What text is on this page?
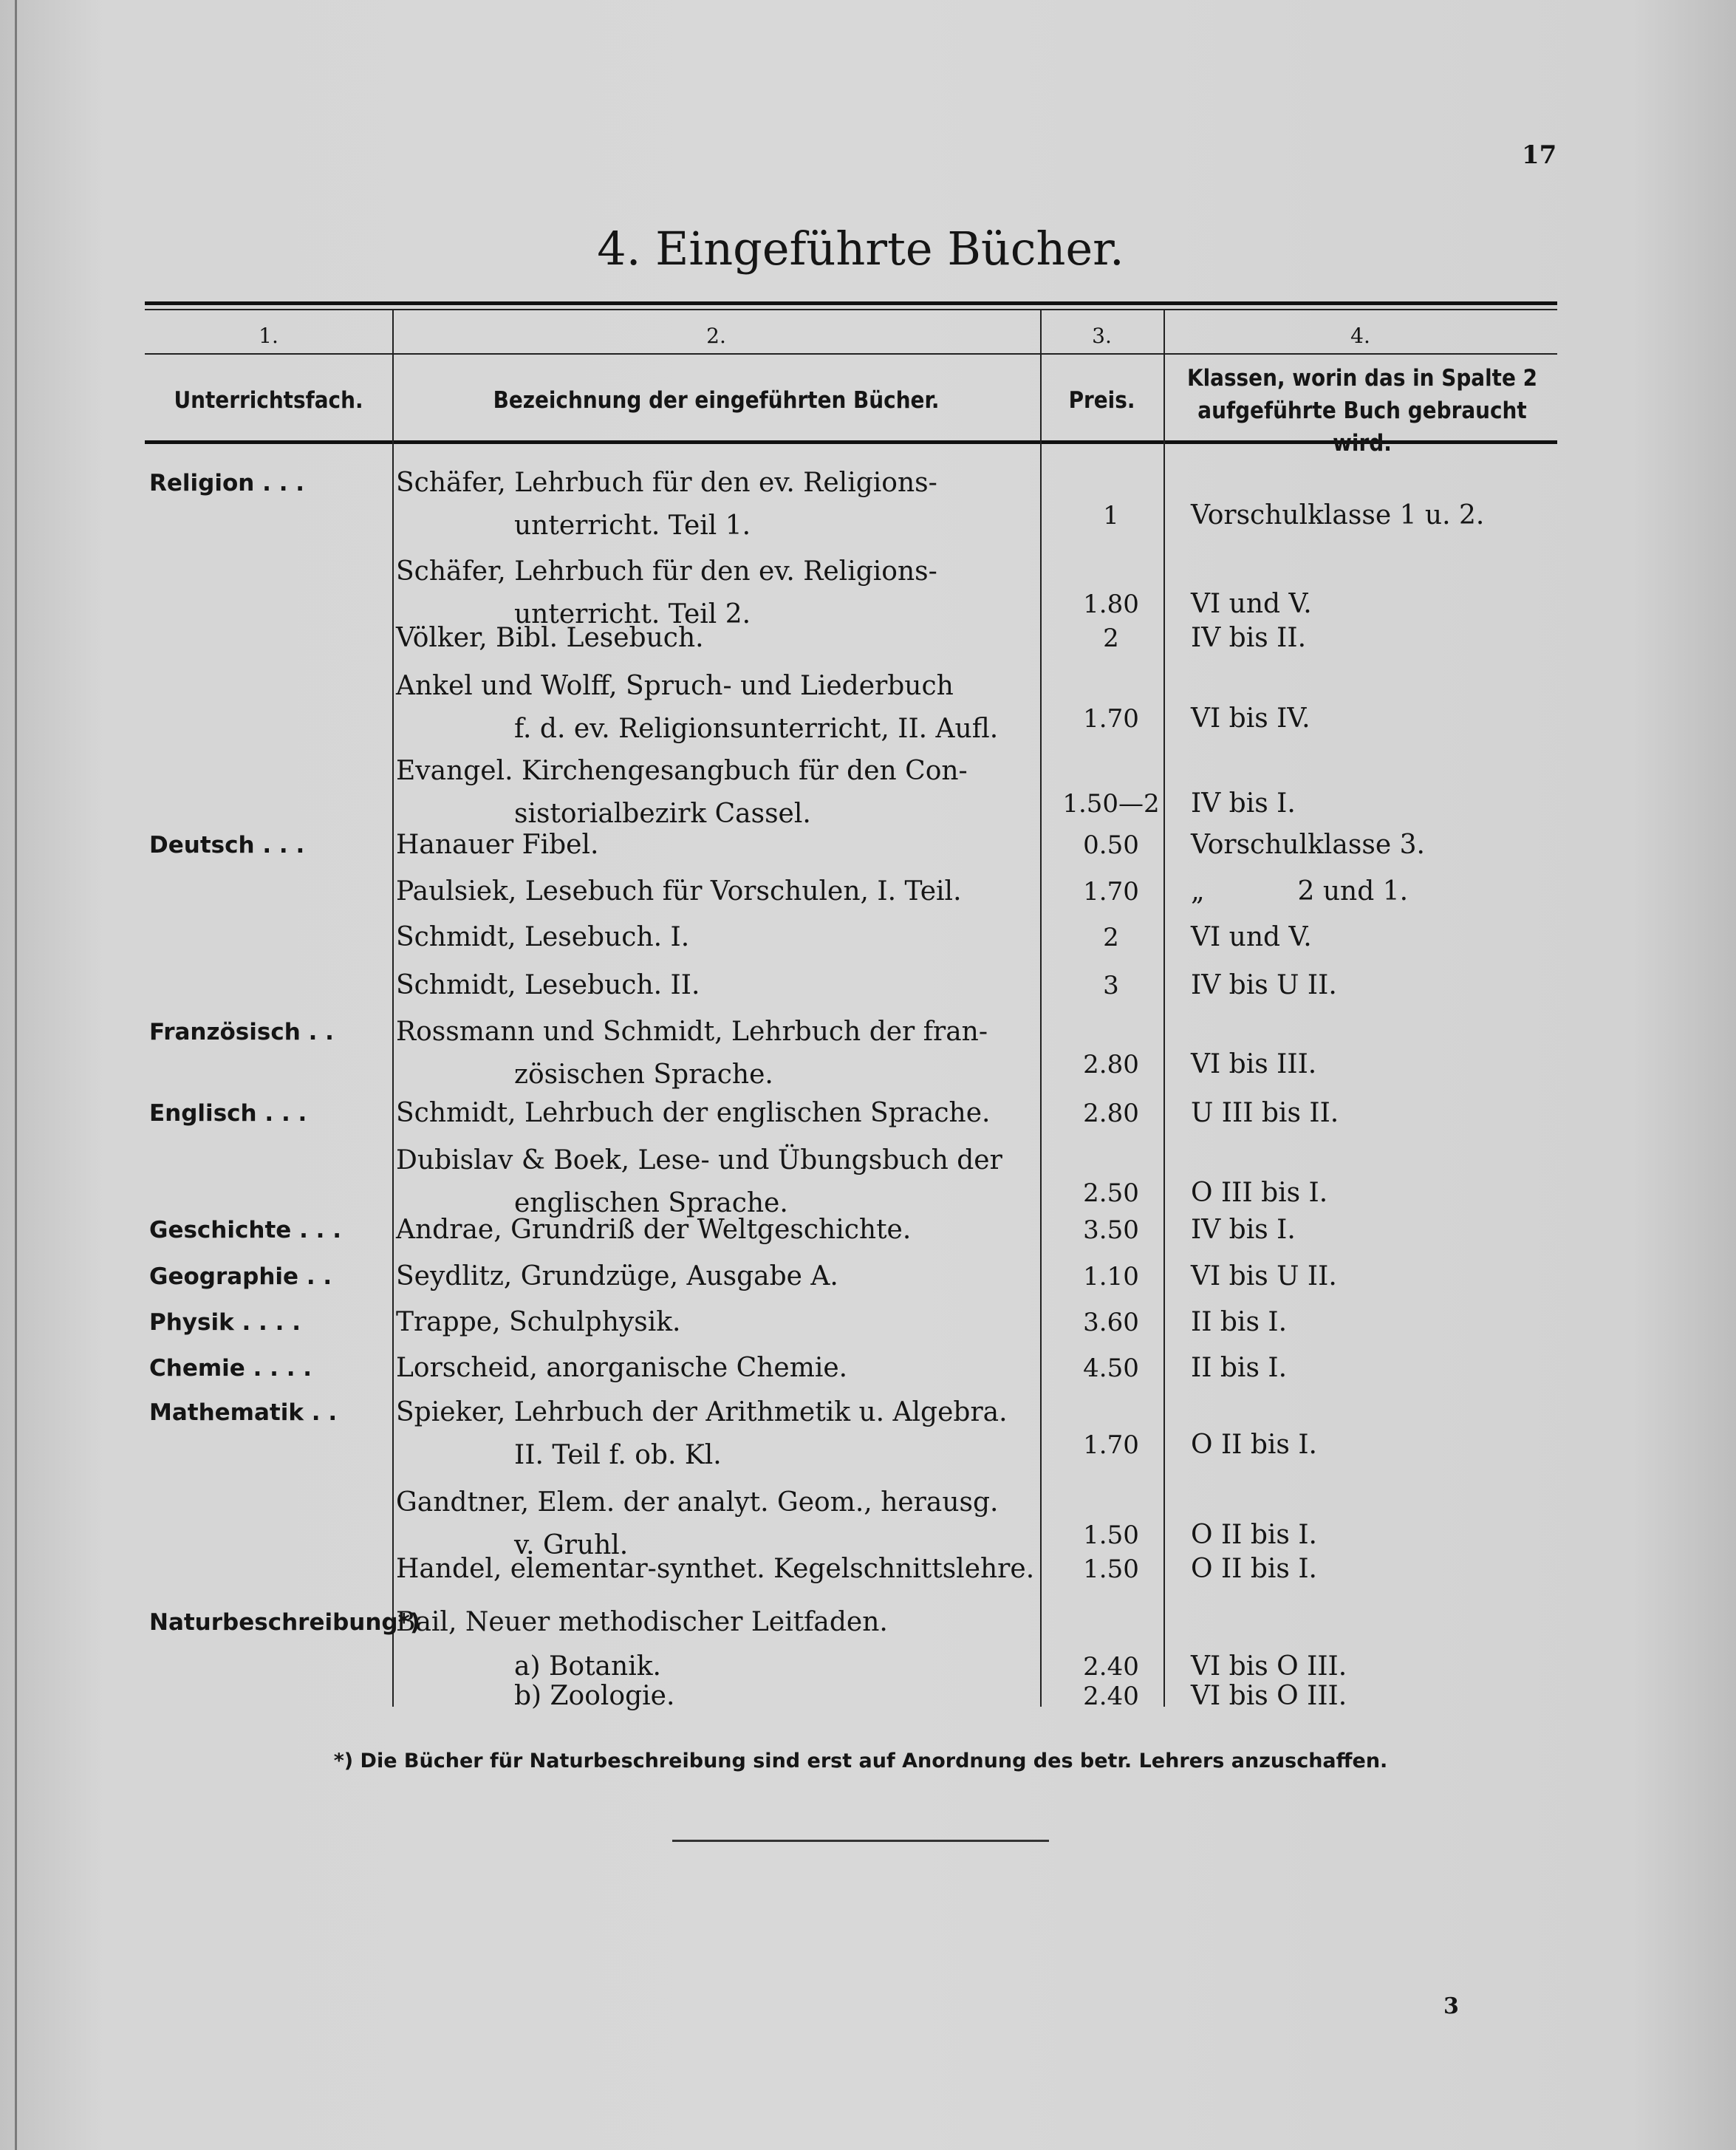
17
4. Eingeführte Bücher.
1.	2.	3.	4.
Unterrichtsfach.	Bezeichnung der eingeführten Bücher.	Preis.
Klassen, worin das in Spalte 2 aufgeführte Buch gebraucht wird.
Religion . . .	Schäfer, Lehrbuch für den ev. Religions-
unterricht. Teil 1.	1	Vorschulklasse 1 u. 2.
Schäfer, Lehrbuch für den ev. Religions-
unterricht. Teil 2.	1.80	VI und V.
Völker, Bibl. Lesebuch.	2	IV bis II.
Ankel und Wolff, Spruch- und Liederbuch
f. d. ev. Religionsunterricht, II. Aufl.	1.70	VI bis IV.
Evangel. Kirchengesangbuch für den Con-
sistorialbezirk Cassel.	1.50—2	IV bis I.
Deutsch . . .	Hanauer Fibel.	0.50	Vorschulklasse 3.
Paulsiek, Lesebuch für Vorschulen, I. Teil.	1.70	„           2 und 1.
Schmidt, Lesebuch. I.	2	VI und V.
Schmidt, Lesebuch. II.	3	IV bis U II.
Französisch . .	Rossmann und Schmidt, Lehrbuch der fran-
zösischen Sprache.	2.80	VI bis III.
Englisch . . .	Schmidt, Lehrbuch der englischen Sprache.	2.80	U III bis II.
Dubislav & Boek, Lese- und Übungsbuch der
englischen Sprache.	2.50	O III bis I.
Geschichte . . .	Andrae, Grundriß der Weltgeschichte.	3.50	IV bis I.
Geographie . .	Seydlitz, Grundzüge, Ausgabe A.	1.10	VI bis U II.
Physik . . . .	Trappe, Schulphysik.	3.60	II bis I.
Chemie . . . .	Lorscheid, anorganische Chemie.	4.50	II bis I.
Mathematik . .	Spieker, Lehrbuch der Arithmetik u. Algebra.
II. Teil f. ob. Kl.	1.70	O II bis I.
Gandtner, Elem. der analyt. Geom., herausg.
v. Gruhl.	1.50	O II bis I.
Handel, elementar-synthet. Kegelschnittslehre.	1.50	O II bis I.
Naturbeschreibung*)
Bail, Neuer methodischer Leitfaden.
a) Botanik.	2.40	VI bis O III.
b) Zoologie.	2.40	VI bis O III.
*) Die Bücher für Naturbeschreibung sind erst auf Anordnung des betr. Lehrers anzuschaffen.
3
